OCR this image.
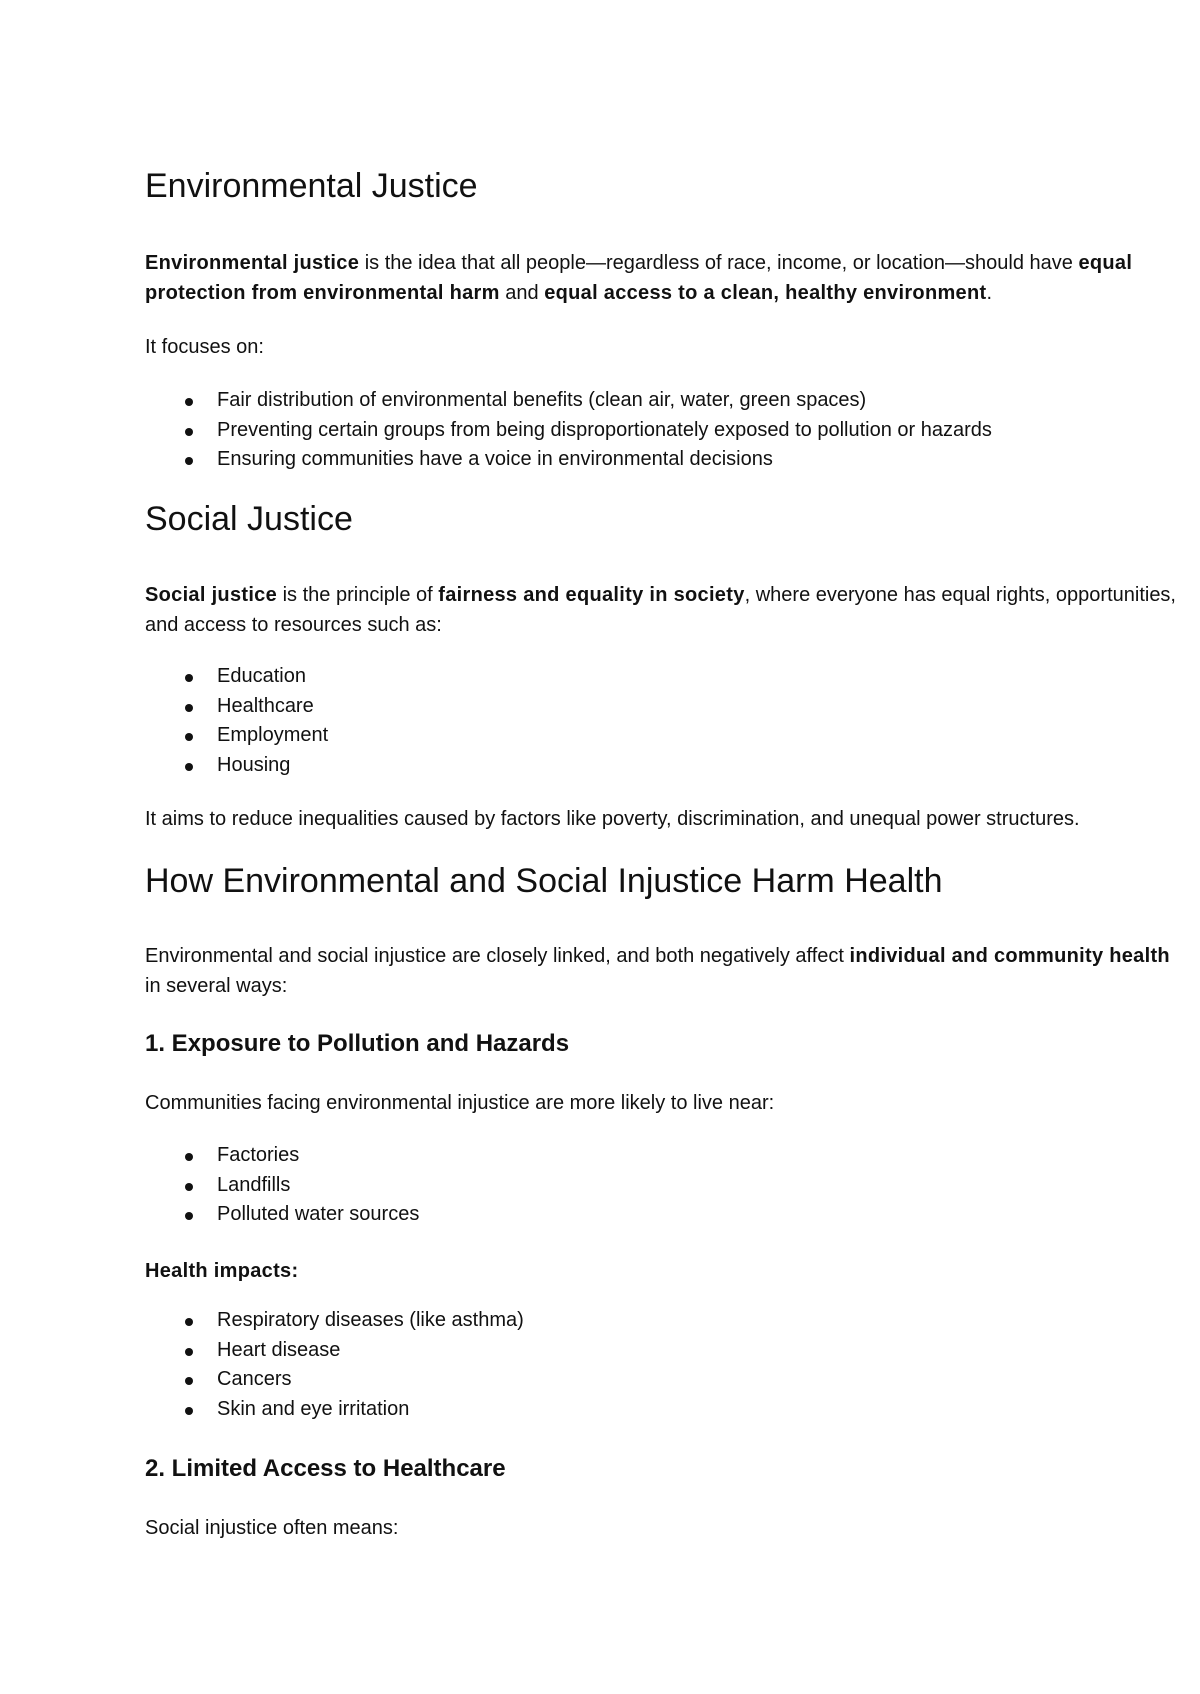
Environmental Justice

Environmental justice is the idea that all people—regardless of race, income, or location—should have equal protection from environmental harm and equal access to a clean, healthy environment.

It focuses on:

Fair distribution of environmental benefits (clean air, water, green spaces)
Preventing certain groups from being disproportionately exposed to pollution or hazards
Ensuring communities have a voice in environmental decisions
Social Justice

Social justice is the principle of fairness and equality in society, where everyone has equal rights, opportunities, and access to resources such as:

Education
Healthcare
Employment
Housing

It aims to reduce inequalities caused by factors like poverty, discrimination, and unequal power structures.

How Environmental and Social Injustice Harm Health

Environmental and social injustice are closely linked, and both negatively affect individual and community health in several ways:

1. Exposure to Pollution and Hazards

Communities facing environmental injustice are more likely to live near:

Factories
Landfills
Polluted water sources

Health impacts:

Respiratory diseases (like asthma)
Heart disease
Cancers
Skin and eye irritation
2. Limited Access to Healthcare

Social injustice often means:
